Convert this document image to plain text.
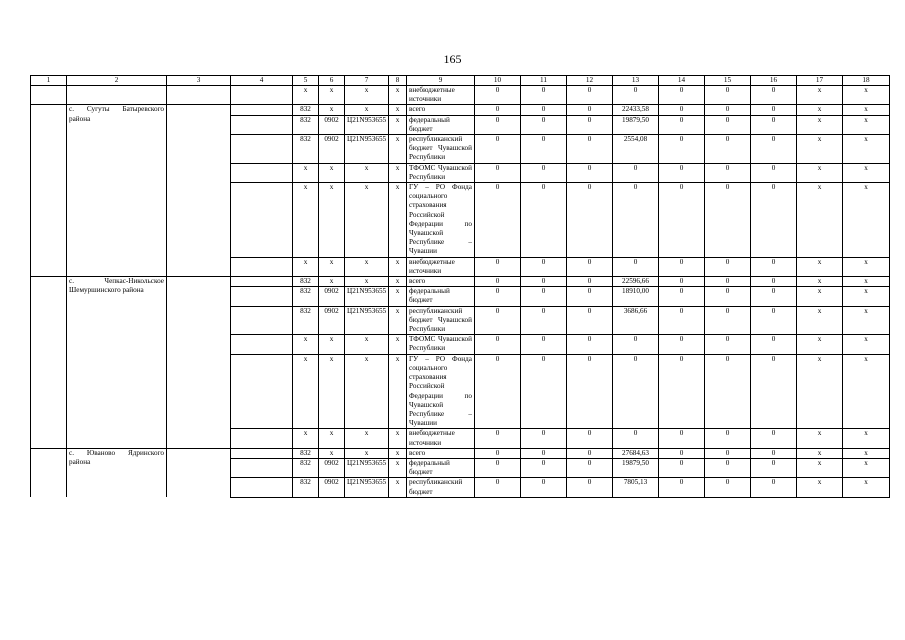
165
1	2	3	4	5	6	7	8	9	10	11	12	13	14	15	16	17	18
				x	x	x	x	внебюджетные источники	0	0	0	0	0	0	0	x	x
	с. Сугуты Батыревского района			832	x	x	x	всего	0	0	0	22433,58	0	0	0	x	x
				832	0902	Ц21N953655	x	федеральный бюджет	0	0	0	19879,50	0	0	0	x	x
				832	0902	Ц21N953655	x	республиканский бюджет Чувашской Республики	0	0	0	2554,08	0	0	0	x	x
				x	x	x	x	ТФОМС Чувашской Республики	0	0	0	0	0	0	0	x	x
				x	x	x	x	ГУ – РО Фонда социального страхования Российской Федерации по Чувашской Республике – Чувашии	0	0	0	0	0	0	0	x	x
				x	x	x	x	внебюджетные источники	0	0	0	0	0	0	0	x	x
	с. Чепкас-Никольское Шемуршинского района			832	x	x	x	всего	0	0	0	22596,66	0	0	0	x	x
				832	0902	Ц21N953655	x	федеральный бюджет	0	0	0	18910,00	0	0	0	x	x
				832	0902	Ц21N953655	x	республиканский бюджет Чувашской Республики	0	0	0	3686,66	0	0	0	x	x
				x	x	x	x	ТФОМС Чувашской Республики	0	0	0	0	0	0	0	x	x
				x	x	x	x	ГУ – РО Фонда социального страхования Российской Федерации по Чувашской Республике – Чувашии	0	0	0	0	0	0	0	x	x
				x	x	x	x	внебюджетные источники	0	0	0	0	0	0	0	x	x
	с. Юваново Ядринского района			832	x	x	x	всего	0	0	0	27684,63	0	0	0	x	x
				832	0902	Ц21N953655	x	федеральный бюджет	0	0	0	19879,50	0	0	0	x	x
				832	0902	Ц21N953655	x	республиканский бюджет	0	0	0	7805,13	0	0	0	x	x
